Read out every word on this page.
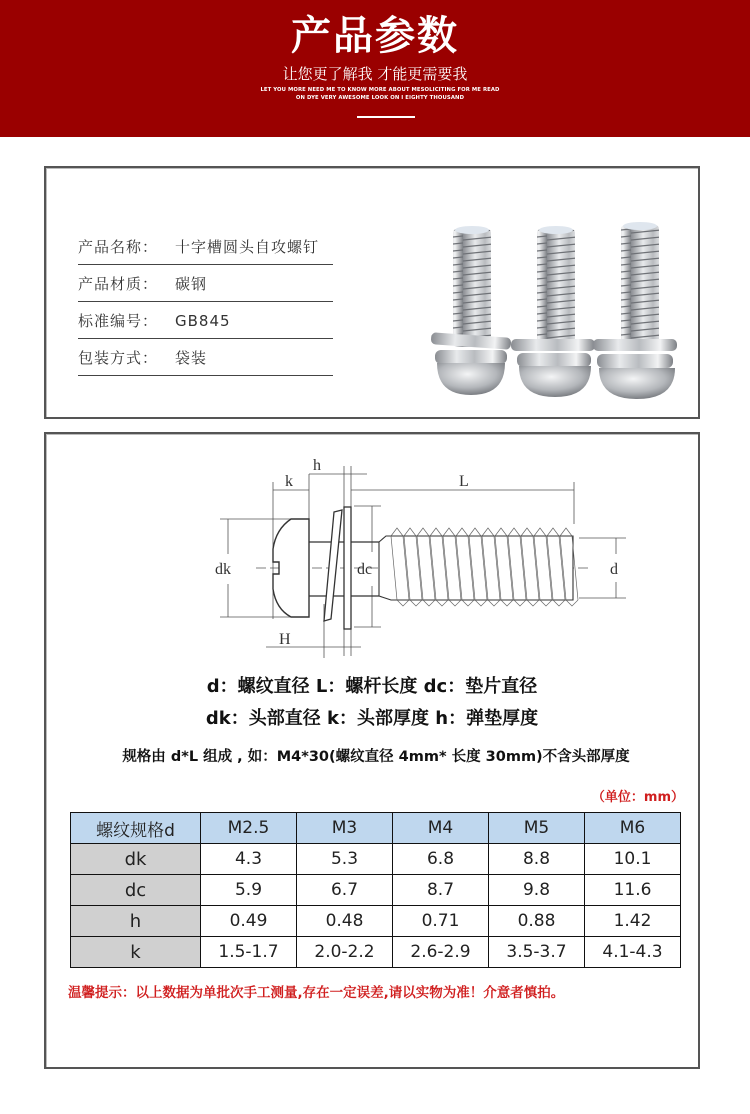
产品参数
让您更了解我 才能更需要我
LET YOU MORE NEED ME TO KNOW MORE ABOUT MESOLICITING FOR ME READ
ON DYE VERY AWESOME LOOK ON I EIGHTY THOUSAND
产品名称： 十字槽圆头自攻螺钉
产品材质： 碳钢
标准编号： GB845
包装方式： 袋装
k
h
L
dk	dc	d
H
d：螺纹直径 L：螺杆长度 dc：垫片直径
dk：头部直径 k：头部厚度 h：弹垫厚度
规格由 d*L 组成 , 如：M4*30(螺纹直径 4mm* 长度 30mm)不含头部厚度
（单位：mm）
螺纹规格d	M2.5	M3	M4	M5	M6
dk	4.3	5.3	6.8	8.8	10.1
dc	5.9	6.7	8.7	9.8	11.6
h	0.49	0.48	0.71	0.88	1.42
k	1.5-1.7	2.0-2.2	2.6-2.9	3.5-3.7	4.1-4.3
温馨提示：以上数据为单批次手工测量,存在一定误差,请以实物为准！介意者慎拍。
